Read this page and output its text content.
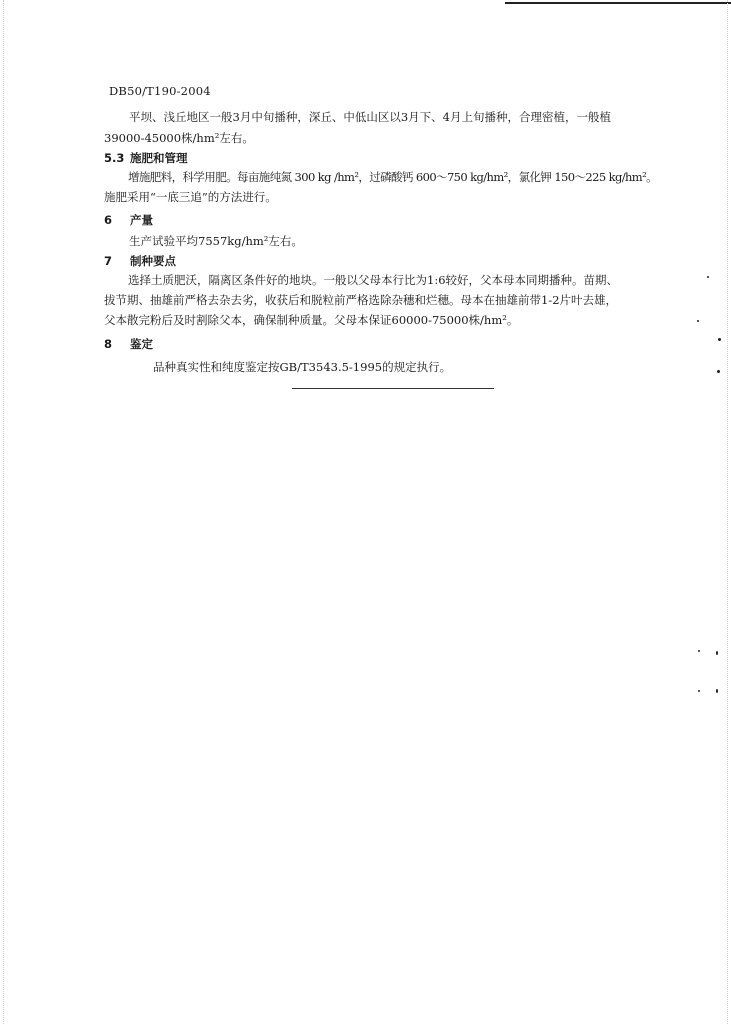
DB50/T190-2004
平坝、浅丘地区一般3月中旬播种，深丘、中低山区以3月下、4月上旬播种，合理密植，一般植
39000-45000株/hm²左右。
5.3 施肥和管理
增施肥料，科学用肥。每亩施纯氮 300 kg /hm²，过磷酸钙 600～750 kg/hm²，氯化钾 150～225 kg/hm²。
施肥采用“一底三追”的方法进行。
6 产量
生产试验平均7557kg/hm²左右。
7 制种要点
选择土质肥沃，隔离区条件好的地块。一般以父母本行比为1:6较好，父本母本同期播种。苗期、
拔节期、抽雄前严格去杂去劣，收获后和脱粒前严格选除杂穗和烂穗。母本在抽雄前带1-2片叶去雄，
父本散完粉后及时割除父本，确保制种质量。父母本保证60000-75000株/hm²。
8 鉴定
品种真实性和纯度鉴定按GB/T3543.5-1995的规定执行。
